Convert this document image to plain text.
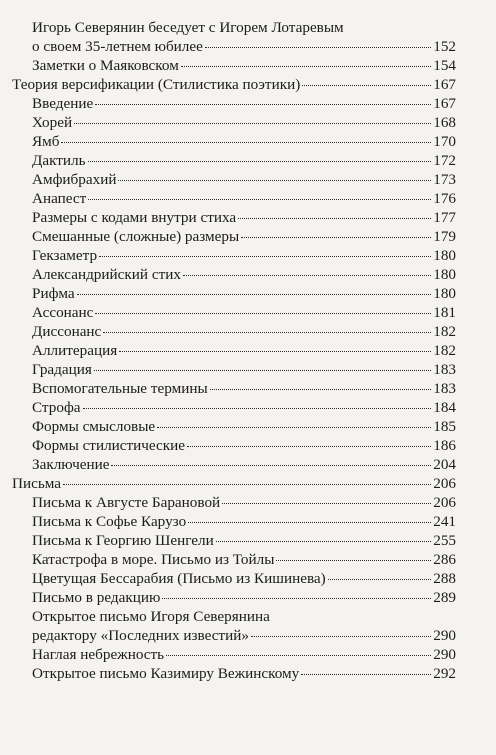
Игорь Северянин беседует с Игорем Лотаревым
о своем 35-летнем юбилее	152
Заметки о Маяковском	154
Теория версификации (Стилистика поэтики)	167
Введение	167
Хорей	168
Ямб	170
Дактиль	172
Амфибрахий	173
Анапест	176
Размеры с кодами внутри стиха	177
Смешанные (сложные) размеры	179
Гекзаметр	180
Александрийский стих	180
Рифма	180
Ассонанс	181
Диссонанс	182
Аллитерация	182
Градация	183
Вспомогательные термины	183
Строфа	184
Формы смысловые	185
Формы стилистические	186
Заключение	204
Письма	206
Письма к Августе Барановой	206
Письма к Софье Карузо	241
Письма к Георгию Шенгели	255
Катастрофа в море. Письмо из Тойлы	286
Цветущая Бессарабия (Письмо из Кишинева)	288
Письмо в редакцию	289
Открытое письмо Игоря Северянина
редактору «Последних известий»	290
Наглая небрежность	290
Открытое письмо Казимиру Вежинскому	292
